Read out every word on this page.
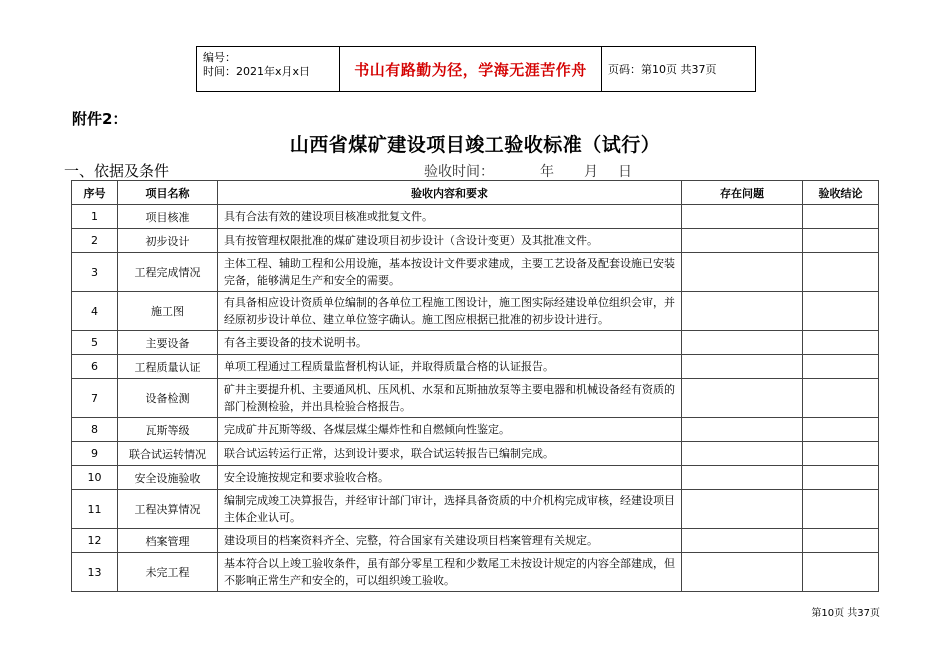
编号：
时间：2021年x月x日	书山有路勤为径，学海无涯苦作舟	页码：第10页 共37页
附件2：
山西省煤矿建设项目竣工验收标准（试行）
一、依据及条件	验收时间：	年 月 日
序号	项目名称	验收内容和要求	存在问题	验收结论
1	项目核准	具有合法有效的建设项目核准或批复文件。		
2	初步设计	具有按管理权限批准的煤矿建设项目初步设计（含设计变更）及其批准文件。		
3	工程完成情况	主体工程、辅助工程和公用设施，基本按设计文件要求建成，主要工艺设备及配套设施已安装完备，能够满足生产和安全的需要。		
4	施工图	有具备相应设计资质单位编制的各单位工程施工图设计，施工图实际经建设单位组织会审，并经原初步设计单位、建立单位签字确认。施工图应根据已批准的初步设计进行。		
5	主要设备	有各主要设备的技术说明书。		
6	工程质量认证	单项工程通过工程质量监督机构认证，并取得质量合格的认证报告。		
7	设备检测	矿井主要提升机、主要通风机、压风机、水泵和瓦斯抽放泵等主要电器和机械设备经有资质的部门检测检验，并出具检验合格报告。		
8	瓦斯等级	完成矿井瓦斯等级、各煤层煤尘爆炸性和自燃倾向性鉴定。		
9	联合试运转情况	联合试运转运行正常，达到设计要求，联合试运转报告已编制完成。		
10	安全设施验收	安全设施按规定和要求验收合格。		
11	工程决算情况	编制完成竣工决算报告，并经审计部门审计，选择具备资质的中介机构完成审核，经建设项目主体企业认可。		
12	档案管理	建设项目的档案资料齐全、完整，符合国家有关建设项目档案管理有关规定。		
13	未完工程	基本符合以上竣工验收条件，虽有部分零星工程和少数尾工未按设计规定的内容全部建成，但不影响正常生产和安全的，可以组织竣工验收。		
第10页 共37页
